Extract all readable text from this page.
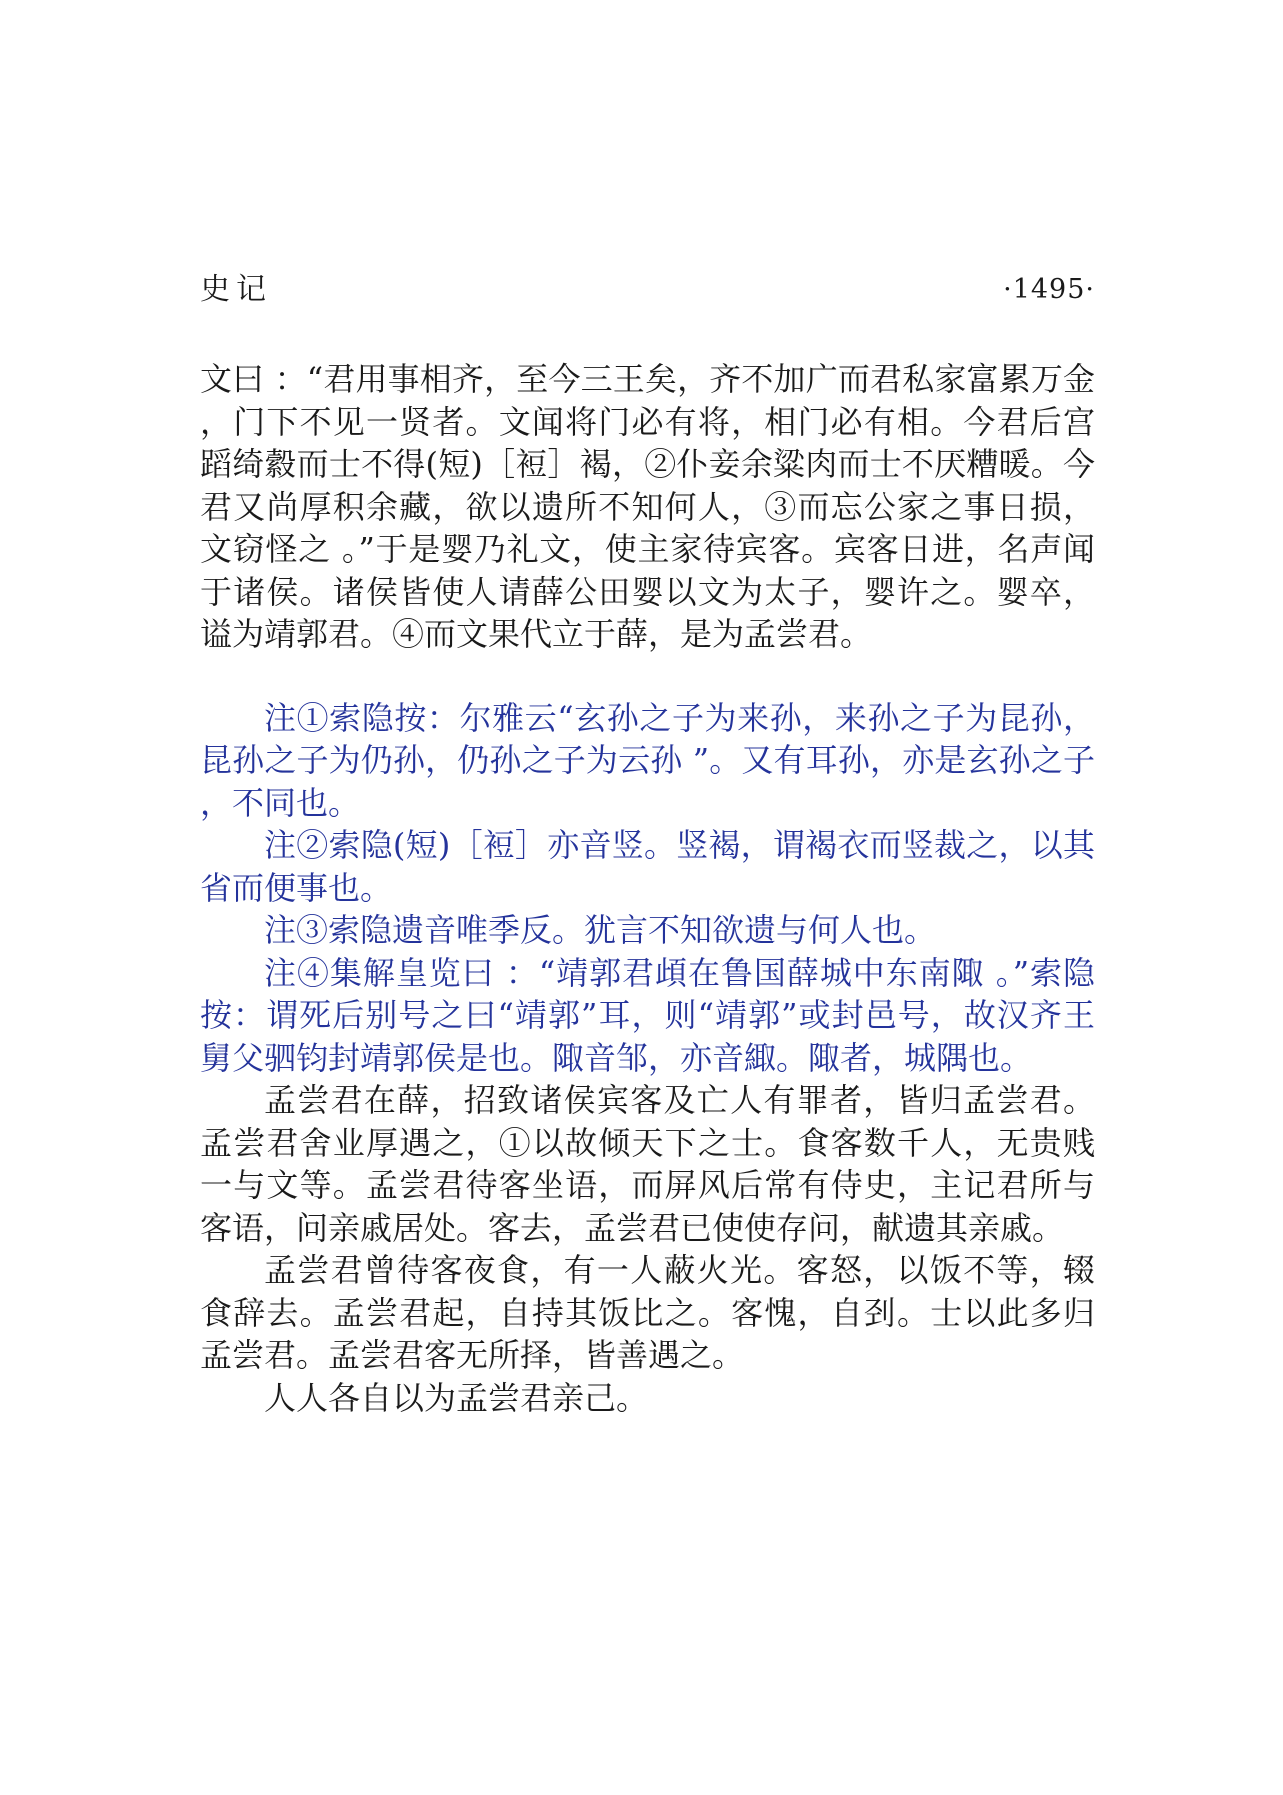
史记	·1495·

文曰 ：“君用事相齐，至今三王矣，齐不加广而君私家富累万金，门下不见一贤者。文闻将门必有将，相门必有相。今君后宫蹈绮縠而士不得(短)［裋］褐，②仆妾余粱肉而士不厌糟暖。今君又尚厚积余藏，欲以遗所不知何人，③而忘公家之事日损，文窃怪之 。”于是婴乃礼文，使主家待宾客。宾客日进，名声闻于诸侯。诸侯皆使人请薛公田婴以文为太子，婴许之。婴卒，谥为靖郭君。④而文果代立于薛，是为孟尝君。

注①索隐按：尔雅云“玄孙之子为来孙，来孙之子为昆孙，昆孙之子为仍孙，仍孙之子为云孙 ”。又有耳孙，亦是玄孙之子，不同也。

注②索隐(短)［裋］亦音竖。竖褐，谓褐衣而竖裁之，以其省而便事也。

注③索隐遗音唯季反。犹言不知欲遗与何人也。

注④集解皇览曰 ：“靖郭君頉在鲁国薛城中东南陬 。”索隐按：谓死后别号之曰“靖郭”耳，则“靖郭”或封邑号，故汉齐王舅父驷钧封靖郭侯是也。陬音邹，亦音緅。陬者，城隅也。

孟尝君在薛，招致诸侯宾客及亡人有罪者，皆归孟尝君。孟尝君舍业厚遇之，①以故倾天下之士。食客数千人，无贵贱一与文等。孟尝君待客坐语，而屏风后常有侍史，主记君所与客语，问亲戚居处。客去，孟尝君已使使存问，献遗其亲戚。

孟尝君曾待客夜食，有一人蔽火光。客怒，以饭不等，辍食辞去。孟尝君起，自持其饭比之。客愧，自刭。士以此多归孟尝君。孟尝君客无所择，皆善遇之。

人人各自以为孟尝君亲己。
